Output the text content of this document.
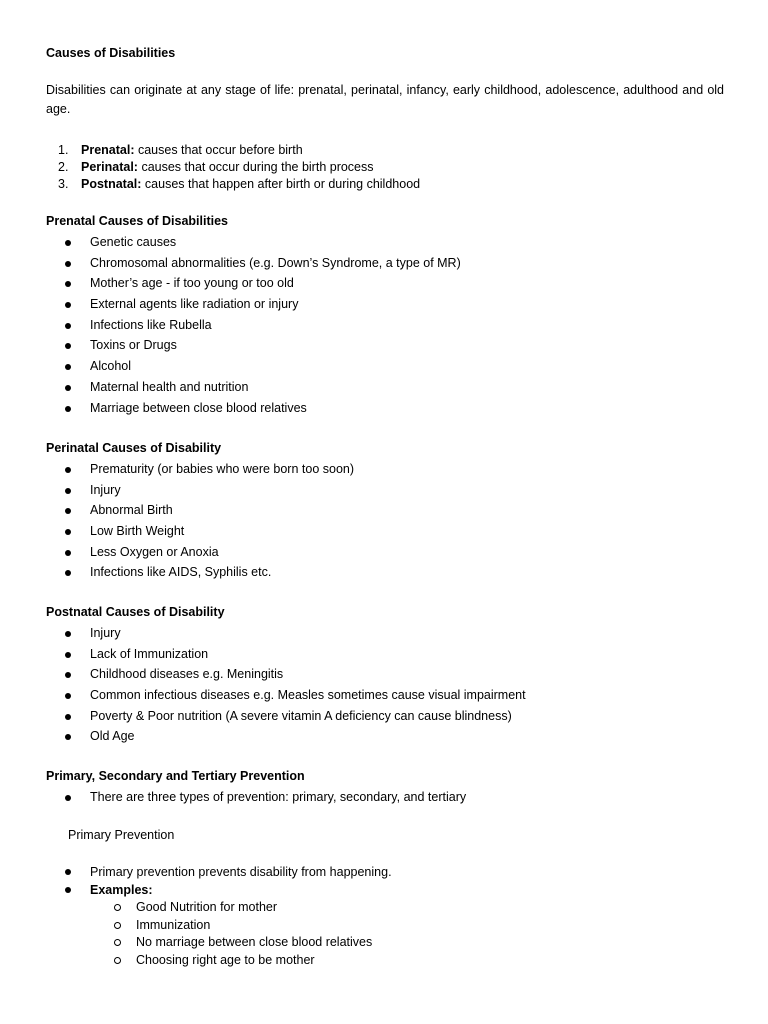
Causes of Disabilities
Disabilities can originate at any stage of life: prenatal, perinatal, infancy, early childhood, adolescence, adulthood and old age.
1. Prenatal: causes that occur before birth
2. Perinatal: causes that occur during the birth process
3. Postnatal: causes that happen after birth or during childhood
Prenatal Causes of Disabilities
Genetic causes
Chromosomal abnormalities (e.g. Down’s Syndrome, a type of MR)
Mother’s age - if too young or too old
External agents like radiation or injury
Infections like Rubella
Toxins or Drugs
Alcohol
Maternal health and nutrition
Marriage between close blood relatives
Perinatal Causes of Disability
Prematurity (or babies who were born too soon)
Injury
Abnormal Birth
Low Birth Weight
Less Oxygen or Anoxia
Infections like AIDS, Syphilis etc.
Postnatal Causes of Disability
Injury
Lack of Immunization
Childhood diseases e.g. Meningitis
Common infectious diseases e.g. Measles sometimes cause visual impairment
Poverty & Poor nutrition (A severe vitamin A deficiency can cause blindness)
Old Age
Primary, Secondary and Tertiary Prevention
There are three types of prevention: primary, secondary, and tertiary
Primary Prevention
Primary prevention prevents disability from happening.
Examples:
Good Nutrition for mother
Immunization
No marriage between close blood relatives
Choosing right age to be mother
